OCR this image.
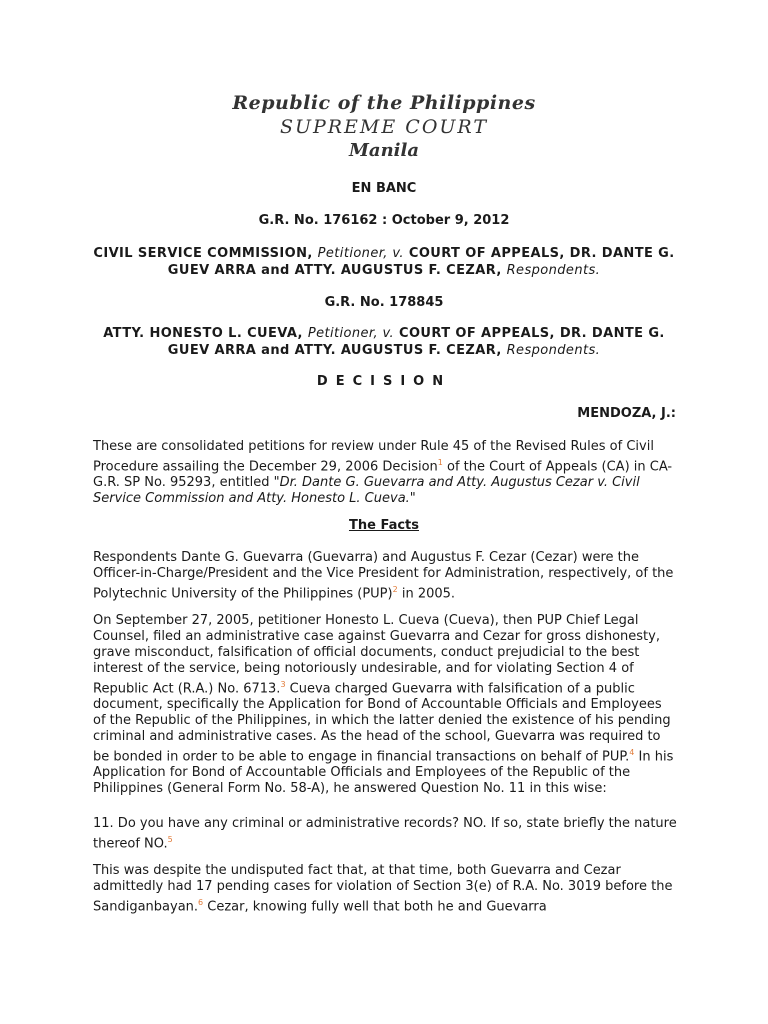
Republic of the Philippines
SUPREME COURT
Manila
EN BANC
G.R. No. 176162 : October 9, 2012
CIVIL SERVICE COMMISSION, Petitioner, v. COURT OF APPEALS, DR. DANTE G. GUEV ARRA and ATTY. AUGUSTUS F. CEZAR, Respondents.
G.R. No. 178845
ATTY. HONESTO L. CUEVA, Petitioner, v. COURT OF APPEALS, DR. DANTE G. GUEV ARRA and ATTY. AUGUSTUS F. CEZAR, Respondents.
DECISION
MENDOZA, J.:
These are consolidated petitions for review under Rule 45 of the Revised Rules of Civil Procedure assailing the December 29, 2006 Decision$^1$ of the Court of Appeals (CA) in CA-G.R. SP No. 95293, entitled "Dr. Dante G. Guevarra and Atty. Augustus Cezar v. Civil Service Commission and Atty. Honesto L. Cueva."
The Facts
Respondents Dante G. Guevarra (Guevarra) and Augustus F. Cezar (Cezar) were the Officer-in-Charge/President and the Vice President for Administration, respectively, of the Polytechnic University of the Philippines (PUP)$^2$ in 2005.
On September 27, 2005, petitioner Honesto L. Cueva (Cueva), then PUP Chief Legal Counsel, filed an administrative case against Guevarra and Cezar for gross dishonesty, grave misconduct, falsification of official documents, conduct prejudicial to the best interest of the service, being notoriously undesirable, and for violating Section 4 of Republic Act (R.A.) No. 6713.$^3$ Cueva charged Guevarra with falsification of a public document, specifically the Application for Bond of Accountable Officials and Employees of the Republic of the Philippines, in which the latter denied the existence of his pending criminal and administrative cases. As the head of the school, Guevarra was required to be bonded in order to be able to engage in financial transactions on behalf of PUP.$^4$ In his Application for Bond of Accountable Officials and Employees of the Republic of the Philippines (General Form No. 58-A), he answered Question No. 11 in this wise:
11. Do you have any criminal or administrative records? NO. If so, state briefly the nature thereof NO.$^5$
This was despite the undisputed fact that, at that time, both Guevarra and Cezar admittedly had 17 pending cases for violation of Section 3(e) of R.A. No. 3019 before the Sandiganbayan.$^6$ Cezar, knowing fully well that both he and Guevarra
